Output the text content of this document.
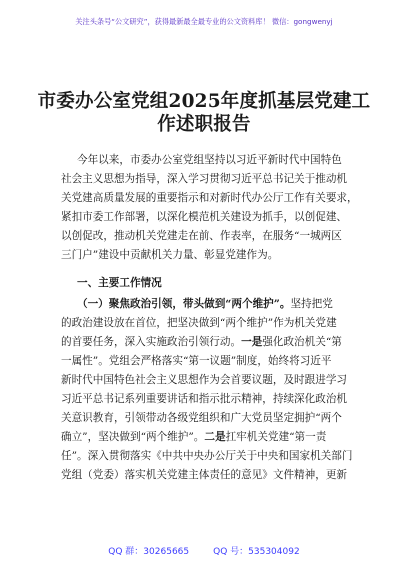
关注头条号“公文研究”，获得最新最全最专业的公文资料库！ 微信：gongwenyj
市委办公室党组2025年度抓基层党建工
作述职报告
今年以来，市委办公室党组坚持以习近平新时代中国特色
社会主义思想为指导，深入学习贯彻习近平总书记关于推动机
关党建高质量发展的重要指示和对新时代办公厅工作有关要求，
紧扣市委工作部署，以深化模范机关建设为抓手，以创促建、
以创促改，推动机关党建走在前、作表率，在服务“一城两区
三门户”建设中贡献机关力量、彰显党建作为。
一、主要工作情况
（一）聚焦政治引领，带头做到“两个维护”。坚持把党
的政治建设放在首位，把坚决做到“两个维护”作为机关党建
的首要任务，深入实施政治引领行动。一是强化政治机关“第
一属性”。党组会严格落实“第一议题”制度，始终将习近平
新时代中国特色社会主义思想作为会首要议题，及时跟进学习
习近平总书记系列重要讲话和指示批示精神，持续深化政治机
关意识教育，引领带动各级党组织和广大党员坚定拥护“两个
确立”，坚决做到“两个维护”。二是扛牢机关党建“第一责
任”。深入贯彻落实《中共中央办公厅关于中央和国家机关部门
党组（党委）落实机关党建主体责任的意见》文件精神，更新
QQ 群：30265665	QQ 号：535304092
